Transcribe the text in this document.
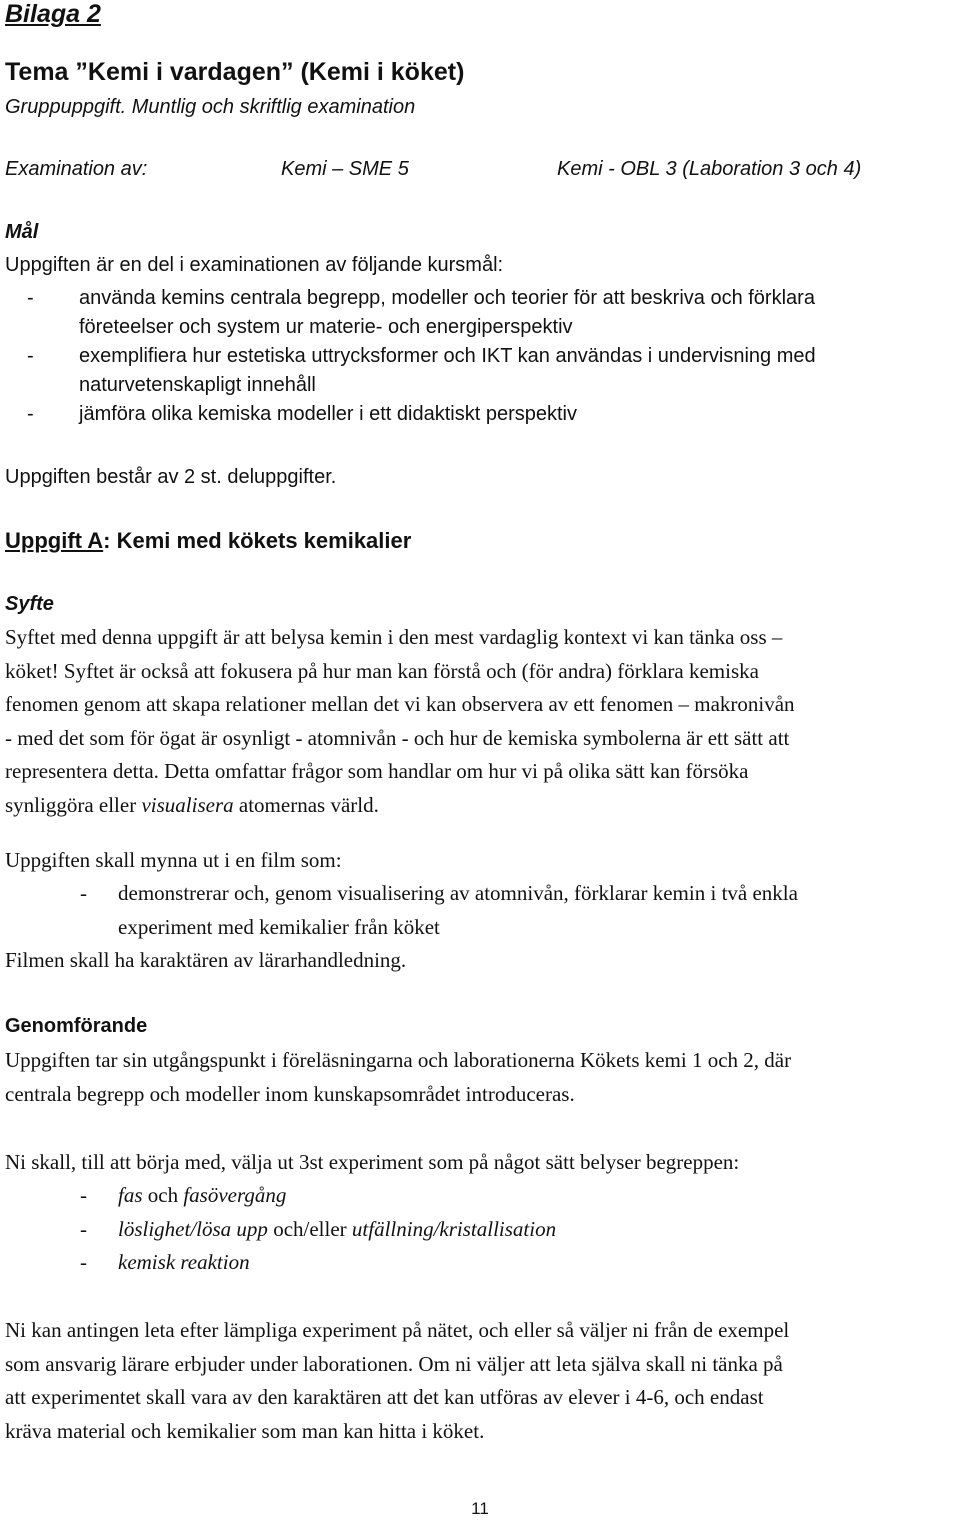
Bilaga 2
Tema ”Kemi i vardagen” (Kemi i köket)
Gruppuppgift. Muntlig och skriftlig examination
Examination av:	Kemi – SME 5	Kemi - OBL 3 (Laboration 3 och 4)
Mål
Uppgiften är en del i examinationen av följande kursmål:
- använda kemins centrala begrepp, modeller och teorier för att beskriva och förklara
företeelser och system ur materie- och energiperspektiv
- exemplifiera hur estetiska uttrycksformer och IKT kan användas i undervisning med
naturvetenskapligt innehåll
- jämföra olika kemiska modeller i ett didaktiskt perspektiv
Uppgiften består av 2 st. deluppgifter.
Uppgift A: Kemi med kökets kemikalier
Syfte
Syftet med denna uppgift är att belysa kemin i den mest vardaglig kontext vi kan tänka oss –
köket! Syftet är också att fokusera på hur man kan förstå och (för andra) förklara kemiska
fenomen genom att skapa relationer mellan det vi kan observera av ett fenomen – makronivån
- med det som för ögat är osynligt - atomnivån - och hur de kemiska symbolerna är ett sätt att
representera detta. Detta omfattar frågor som handlar om hur vi på olika sätt kan försöka
synliggöra eller visualisera atomernas värld.
Uppgiften skall mynna ut i en film som:
- demonstrerar och, genom visualisering av atomnivån, förklarar kemin i två enkla
experiment med kemikalier från köket
Filmen skall ha karaktären av lärarhandledning.
Genomförande
Uppgiften tar sin utgångspunkt i föreläsningarna och laborationerna Kökets kemi 1 och 2, där
centrala begrepp och modeller inom kunskapsområdet introduceras.
Ni skall, till att börja med, välja ut 3st experiment som på något sätt belyser begreppen:
- fas och fasövergång
- löslighet/lösa upp och/eller utfällning/kristallisation
- kemisk reaktion
Ni kan antingen leta efter lämpliga experiment på nätet, och eller så väljer ni från de exempel
som ansvarig lärare erbjuder under laborationen. Om ni väljer att leta själva skall ni tänka på
att experimentet skall vara av den karaktären att det kan utföras av elever i 4-6, och endast
kräva material och kemikalier som man kan hitta i köket.
11
